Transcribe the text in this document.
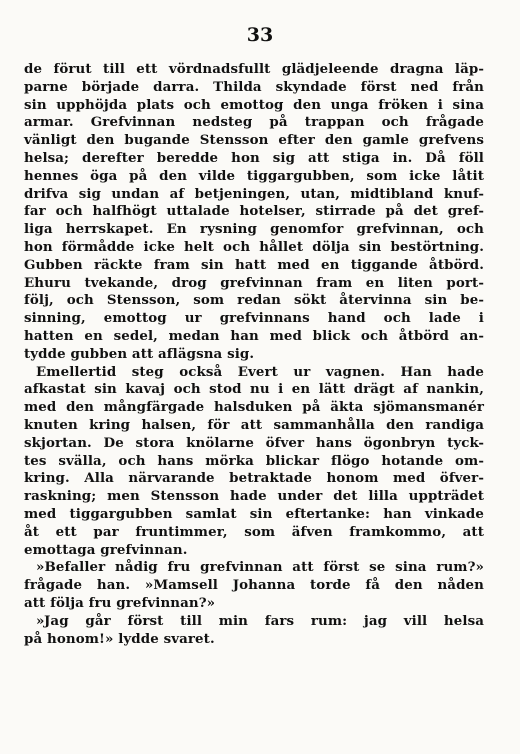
33
de förut till ett vördnadsfullt glädjeleende dragna läp-
parne började darra. Thilda skyndade först ned från
sin upphöjda plats och emottog den unga fröken i sina
armar. Grefvinnan nedsteg på trappan och frågade
vänligt den bugande Stensson efter den gamle grefvens
helsa; derefter beredde hon sig att stiga in. Då föll
hennes öga på den vilde tiggargubben, som icke låtit
drifva sig undan af betjeningen, utan, midtibland knuf-
far och halfhögt uttalade hotelser, stirrade på det gref-
liga herrskapet. En rysning genomfor grefvinnan, och
hon förmådde icke helt och hållet dölja sin bestörtning.
Gubben räckte fram sin hatt med en tiggande åtbörd.
Ehuru tvekande, drog grefvinnan fram en liten port-
följ, och Stensson, som redan sökt återvinna sin be-
sinning, emottog ur grefvinnans hand och lade i
hatten en sedel, medan han med blick och åtbörd an-
tydde gubben att aflägsna sig.
Emellertid steg också Evert ur vagnen. Han hade
afkastat sin kavaj och stod nu i en lätt drägt af nankin,
med den mångfärgade halsduken på äkta sjömansmanér
knuten kring halsen, för att sammanhålla den randiga
skjortan. De stora knölarne öfver hans ögonbryn tyck-
tes svälla, och hans mörka blickar flögo hotande om-
kring. Alla närvarande betraktade honom med öfver-
raskning; men Stensson hade under det lilla uppträdet
med tiggargubben samlat sin eftertanke: han vinkade
åt ett par fruntimmer, som äfven framkommo, att
emottaga grefvinnan.
»Befaller nådig fru grefvinnan att först se sina rum?»
frågade han. »Mamsell Johanna torde få den nåden
att följa fru grefvinnan?»
»Jag går först till min fars rum: jag vill helsa
på honom!» lydde svaret.
